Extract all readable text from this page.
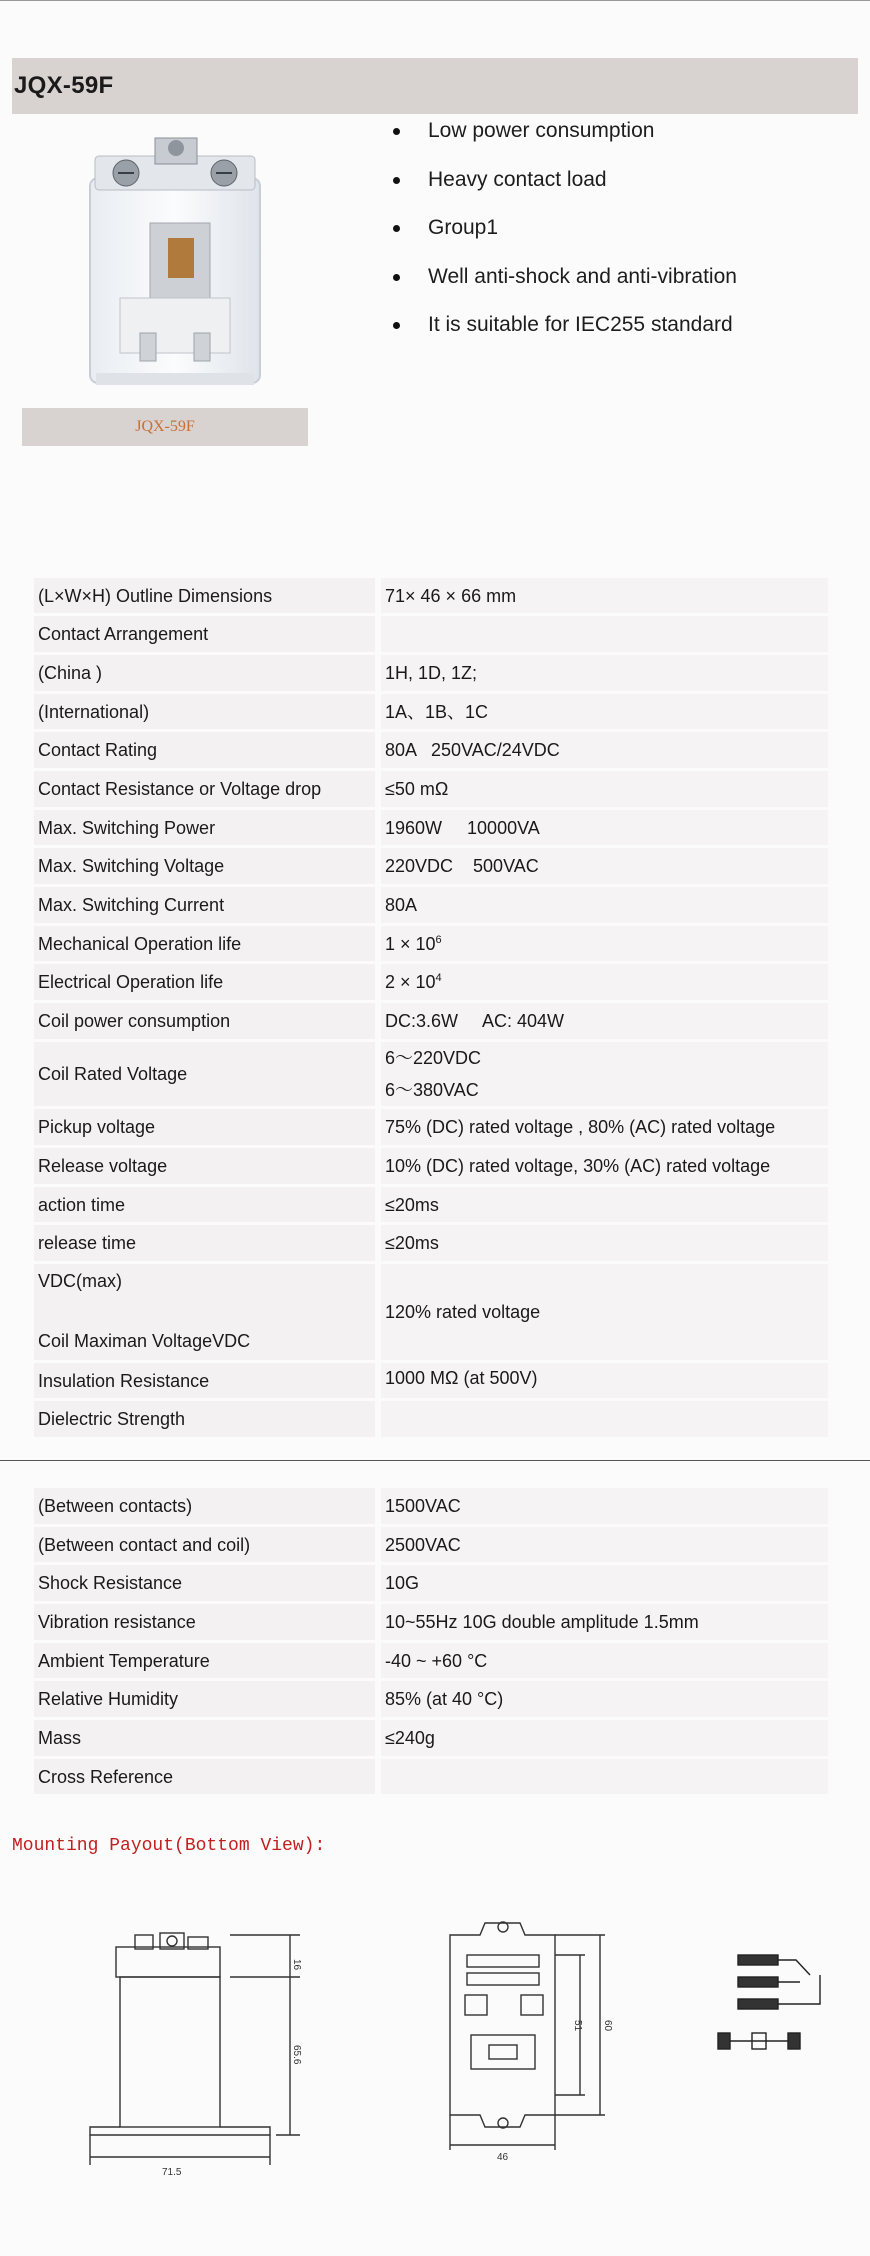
JQX-59F
JQX-59F
Low power consumption
Heavy contact load
Group1
Well anti-shock and anti-vibration
It is suitable for IEC255 standard
(L×W×H) Outline Dimensions	71× 46 × 66 mm
Contact Arrangement	
(China )	1H, 1D, 1Z;
(International)	1A、1B、1C
Contact Rating	80A   250VAC/24VDC
Contact Resistance or Voltage drop	≤50 mΩ
Max. Switching Power	1960W     10000VA
Max. Switching Voltage	220VDC    500VAC
Max. Switching Current	80A
Mechanical Operation life	$1 \times 10^6$
Electrical Operation life	$2 \times 10^4$
Coil power consumption	DC:3.6W     AC: 404W
Coil Rated Voltage	6～220VDC
6～380VAC

Pickup voltage	75% (DC) rated voltage , 80% (AC) rated voltage
Release voltage	10% (DC) rated voltage, 30% (AC) rated voltage
action time	≤20ms
release time	≤20ms

VDC(max)
Coil Maximan VoltageVDC	120% rated voltage
Insulation Resistance	1000 MΩ (at 500V)
Dielectric Strength	
(Between contacts)	1500VAC
(Between contact and coil)	2500VAC
Shock Resistance	10G
Vibration resistance	10~55Hz 10G double amplitude 1.5mm
Ambient Temperature	-40 ~ +60 °C
Relative Humidity	85% (at 40 °C)
Mass	≤240g
Cross Reference	
Mounting Payout(Bottom View):
71.5
16
65.6
46
51 60
